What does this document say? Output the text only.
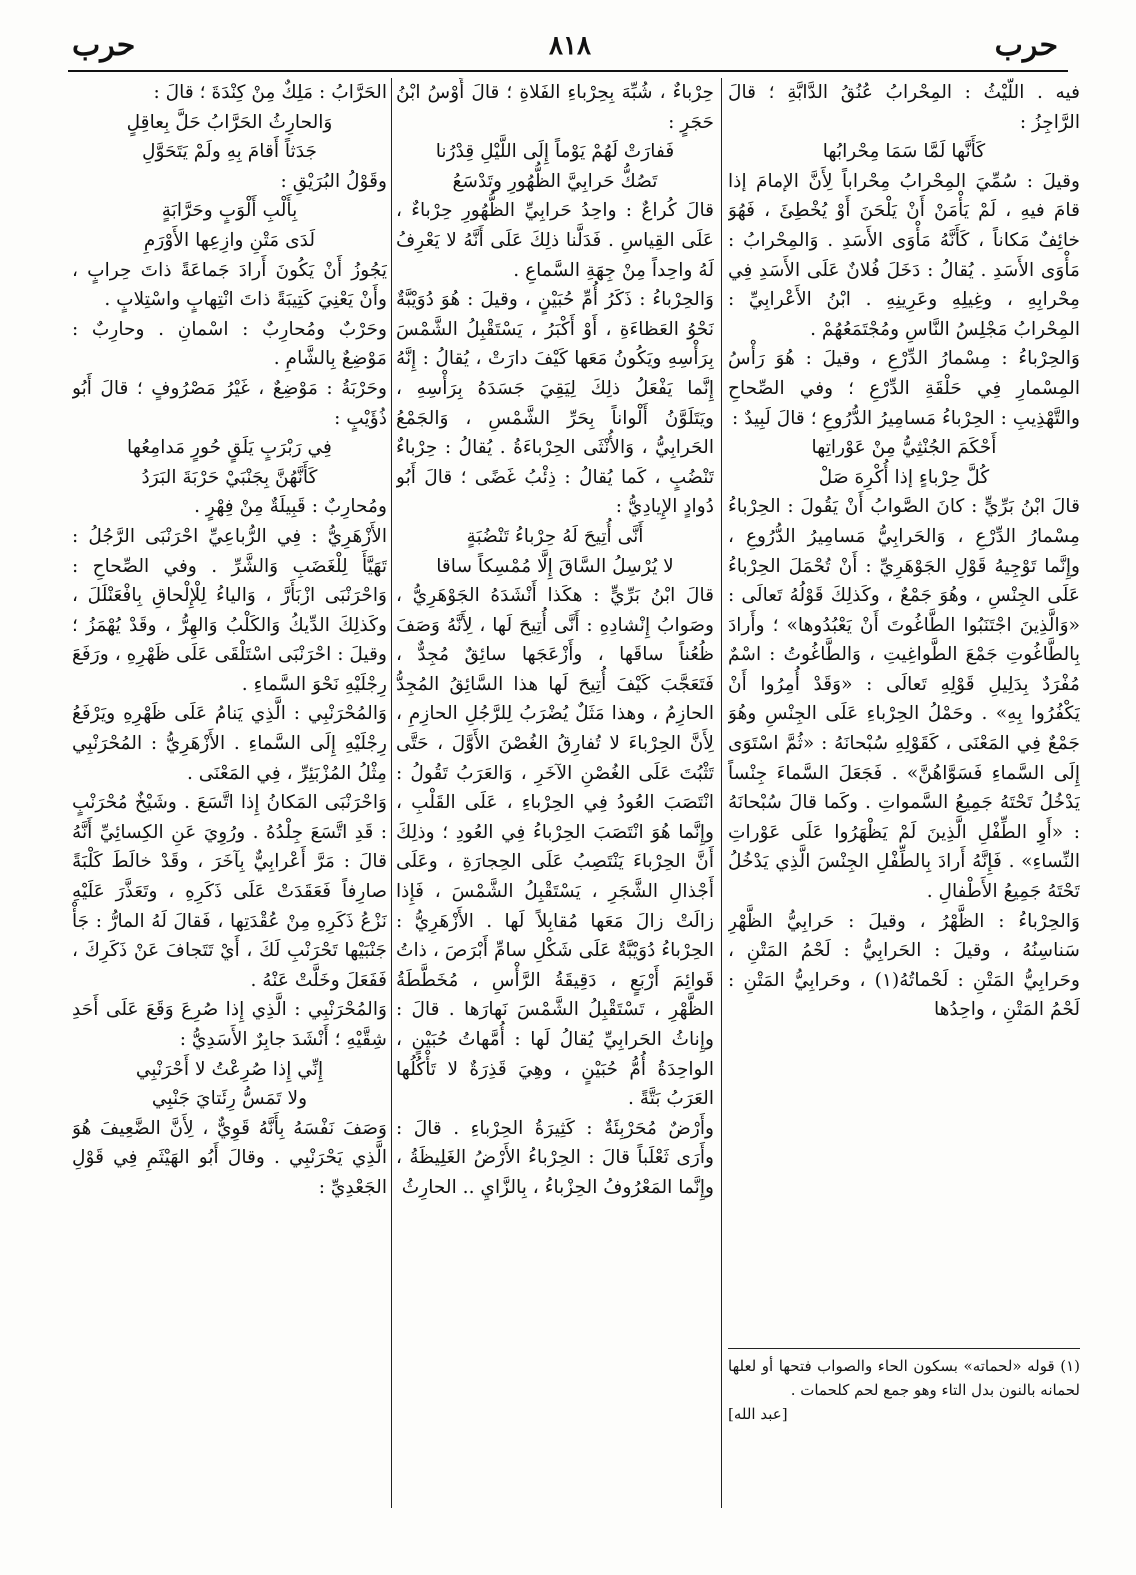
حرب
٨١٨
حرب

فيه . اللَّيْثُ : المِحْرابُ عُنُقُ الدَّابَّةِ ؛ قالَ الرَّاجِزُ :

كَأَنَّها لَمَّا سَمَا مِحْرابُها

وقيلَ : سُمِّيَ المِحْرابُ مِحْراباً لِأَنَّ الإمامَ إذا قامَ فيهِ ، لَمْ يَأْمَنْ أَنْ يَلْحَنَ أَوْ يُخْطِئَ ، فَهُوَ خائِفٌ مَكاناً ، كَأَنَّهُ مَأْوَى الأَسَدِ . وَالمِحْرابُ : مَأْوَى الأَسَدِ . يُقالُ : دَخَلَ فُلانٌ عَلَى الأَسَدِ فِي مِحْرابِهِ ، وغِيلِهِ وعَرِينِهِ . ابْنُ الأَعْرابِيِّ : المِحْرابُ مَجْلِسُ النَّاسِ ومُجْتَمَعُهُمْ .

وَالحِرْباءُ : مِسْمارُ الدِّرْعِ ، وقيلَ : هُوَ رَأْسُ المِسْمارِ فِي حَلْقَةِ الدِّرْعِ ؛ وفي الصِّحاحِ والتَّهْذِيبِ : الحِرْباءُ مَسامِيرُ الدُّرُوعِ ؛ قالَ لَبِيدٌ :

أَحْكَمَ الجُنْثِيُّ مِنْ عَوْراتِها

كُلَّ حِرْباءٍ إذا أُكْرِهَ صَلْ

قالَ ابْنُ بَرِّيٍّ : كانَ الصَّوابُ أَنْ يَقُولَ : الحِرْباءُ مِسْمارُ الدِّرْعِ ، وَالحَرابِيُّ مَسامِيرُ الدُّرُوعِ ، وإِنَّما تَوْجِيهُ قَوْلِ الجَوْهَرِيِّ : أَنْ تُحْمَلَ الحِرْباءُ عَلَى الجِنْسِ ، وهُوَ جَمْعٌ ، وكَذلِكَ قَوْلُهُ تَعالَى : «وَالَّذِينَ اجْتَنَبُوا الطَّاغُوتَ أَنْ يَعْبُدُوها» ؛ وأَرادَ بِالطَّاغُوتِ جَمْعَ الطَّواغِيتِ ، وَالطَّاغُوتُ : اسْمٌ مُفْرَدٌ بِدَلِيلِ قَوْلِهِ تَعالَى : «وَقَدْ أُمِرُوا أَنْ يَكْفُرُوا بِهِ» . وحَمْلُ الحِرْباءِ عَلَى الجِنْسِ وهُوَ جَمْعٌ فِي المَعْنَى ، كَقَوْلِهِ سُبْحانَهُ : «ثُمَّ اسْتَوَى إِلَى السَّماءِ فَسَوَّاهُنَّ» . فَجَعَلَ السَّماءَ جِنْساً يَدْخُلُ تَحْتَهُ جَمِيعُ السَّمواتِ . وكَما قالَ سُبْحانَهُ : «أَوِ الطِّفْلِ الَّذِينَ لَمْ يَظْهَرُوا عَلَى عَوْراتِ النِّساءِ» . فَإِنَّهُ أَرادَ بِالطِّفْلِ الجِنْسَ الَّذِي يَدْخُلُ تَحْتَهُ جَمِيعُ الأَطْفالِ .

وَالحِرْباءُ : الظَّهْرُ ، وقيلَ : حَرابِيُّ الظَّهْرِ سَناسِنُهُ ، وقيلَ : الحَرابِيُّ : لَحْمُ المَتْنِ ، وحَرابِيُّ المَتْنِ : لَحْماتُهُ(١) ، وحَرابِيُّ المَتْنِ : لَحْمُ المَتْنِ ، واحِدُها

حِرْباءٌ ، شُبِّهَ بِحِرْباءِ الفَلاةِ ؛ قالَ أَوْسُ ابْنُ حَجَرٍ :

فَفارَتْ لَهُمْ يَوْماً إِلَى اللَّيْلِ قِدْرُنا

تَصُكُّ حَرابِيَّ الظُّهُورِ وتَدْسَعُ

قالَ كُراعٌ : واحِدُ حَرابِيِّ الظُّهُورِ حِرْباءٌ ، عَلَى القِياسِ . فَدَلَّنا ذلِكَ عَلَى أَنَّهُ لا يَعْرِفُ لَهُ واحِداً مِنْ جِهَةِ السَّماعِ .

وَالحِرْباءُ : ذَكَرُ أُمِّ حُبَيْنٍ ، وقيلَ : هُوَ دُوَيْبَّةٌ نَحْوُ العَظاءَةِ ، أَوْ أَكْبَرُ ، يَسْتَقْبِلُ الشَّمْسَ بِرَأْسِهِ ويَكُونُ مَعَها كَيْفَ دارَتْ ، يُقالُ : إِنَّهُ إِنَّما يَفْعَلُ ذلِكَ لِيَقِيَ جَسَدَهُ بِرَأْسِهِ ، ويَتَلَوَّنُ أَلْواناً بِحَرِّ الشَّمْسِ ، وَالجَمْعُ الحَرابِيُّ ، وَالأُنْثَى الحِرْباءَةُ . يُقالُ : حِرْباءٌ تَنْضُبٍ ، كَما يُقالُ : ذِئْبُ غَضًى ؛ قالَ أَبُو دُوادٍ الإِيادِيُّ :

أَنَّى أُتِيحَ لَهُ حِرْباءُ تَنْضُبَةٍ

لا يُرْسِلُ السَّاقَ إِلَّا مُمْسِكاً ساقا

قالَ ابْنُ بَرِّيٍّ : هكَذا أَنْشَدَهُ الجَوْهَرِيُّ ، وصَوابُ إِنْشادِهِ : أَنَّى أُتِيحَ لَها ، لِأَنَّهُ وَصَفَ ظُعُناً ساقَها ، وأَزْعَجَها سائِقٌ مُجِدٌّ ، فَتَعَجَّبَ كَيْفَ أُتِيحَ لَها هذا السَّائِقُ المُجِدُّ الحازِمُ ، وهذا مَثَلٌ يُضْرَبُ لِلرَّجُلِ الحازِمِ ، لِأَنَّ الحِرْباءَ لا تُفارِقُ الغُصْنَ الأَوَّلَ ، حَتَّى تَثْبُتَ عَلَى الغُصْنِ الآخَرِ ، وَالعَرَبُ تَقُولُ : انْتَصَبَ العُودُ فِي الحِرْباءِ ، عَلَى القَلْبِ ، وإِنَّما هُوَ انْتَصَبَ الحِرْباءُ فِي العُودِ ؛ وذلِكَ أَنَّ الحِرْباءَ يَنْتَصِبُ عَلَى الحِجارَةِ ، وعَلَى أَجْذالِ الشَّجَرِ ، يَسْتَقْبِلُ الشَّمْسَ ، فَإِذا زالَتْ زالَ مَعَها مُقابِلاً لَها . الأَزْهَرِيُّ : الحِرْباءُ دُوَيْبَّةٌ عَلَى شَكْلِ سامِّ أَبْرَصَ ، ذاتُ قَوائِمَ أَرْبَعٍ ، دَقِيقَةُ الرَّأْسِ ، مُخَطَّطَةُ الظَّهْرِ ، تَسْتَقْبِلُ الشَّمْسَ نَهارَها . قالَ : وإِناثُ الحَرابِيِّ يُقالُ لَها : أُمَّهاتُ حُبَيْنٍ ، الواحِدَةُ أُمُّ حُبَيْنٍ ، وهِيَ قَذِرَةٌ لا تَأْكُلُها العَرَبُ بَتَّةً .

وأَرْضٌ مُحَرْبِئَةٌ : كَثِيرَةُ الحِرْباءِ . قالَ : وأَرَى ثَعْلَباً قالَ : الحِرْباءُ الأَرْضُ الغَلِيظَةُ ، وإِنَّما المَعْرُوفُ الحِزْباءُ ، بِالزَّايِ .. الحارِثُ

الحَرَّابُ : مَلِكٌ مِنْ كِنْدَةَ ؛ قالَ :

وَالحارِثُ الحَرَّابُ حَلَّ بِعاقِلٍ

جَدَثاً أَقامَ بِهِ ولَمْ يَتَحَوَّلِ

وقَوْلُ البُرَيْقِ :

بِأَلْبِ أَلْوَبٍ وحَرَّابَةٍ

لَدَى مَتْنِ وازِعِها الأَوْرَمِ

يَجُوزُ أَنْ يَكُونَ أَرادَ جَماعَةً ذاتَ حِرابٍ ، وأَنْ يَعْنِيَ كَتِيبَةً ذاتَ انْتِهابٍ واسْتِلابٍ .

وحَرْبٌ ومُحارِبٌ : اسْمانِ . وحارِبٌ : مَوْضِعٌ بِالشَّامِ .

وحَرْبَةُ : مَوْضِعٌ ، غَيْرُ مَصْرُوفٍ ؛ قالَ أَبُو ذُؤَيْبٍ :

فِي رَبْرَبٍ يَلَقٍ حُورٍ مَدامِعُها

كَأَنَّهُنَّ بِجَنْبَيْ حَرْبَةَ البَرَدُ

ومُحارِبٌ : قَبِيلَةٌ مِنْ فِهْرٍ .

الأَزْهَرِيُّ : فِي الرُّباعِيِّ احْرَنْبَى الرَّجُلُ : تَهَيَّأَ لِلْغَضَبِ وَالشَّرِّ . وفي الصِّحاحِ : وَاحْرَنْبَى ازْبَأَرَّ ، وَالياءُ لِلْإِلْحاقِ بِافْعَنْلَلَ ، وكَذلِكَ الدِّيكُ وَالكَلْبُ وَالهِرُّ ، وقَدْ يُهْمَزُ ؛ وقيلَ : احْرَنْبَى اسْتَلْقَى عَلَى ظَهْرِهِ ، ورَفَعَ رِجْلَيْهِ نَحْوَ السَّماءِ .

وَالمُحْرَنْبِي : الَّذِي يَنامُ عَلَى ظَهْرِهِ ويَرْفَعُ رِجْلَيْهِ إِلَى السَّماءِ . الأَزْهَرِيُّ : المُحْرَنْبِي مِثْلُ المُزْبَئِرِّ ، فِي المَعْنَى .

وَاحْرَنْبَى المَكانُ إِذا اتَّسَعَ . وشَيْخٌ مُحْرَنْبٍ : قَدِ اتَّسَعَ جِلْدُهُ . ورُوِيَ عَنِ الكِسائِيِّ أَنَّهُ قالَ : مَرَّ أَعْرابِيٌّ بِآخَرَ ، وقَدْ خالَطَ كَلْبَةً صارِفاً فَعَقَدَتْ عَلَى ذَكَرِهِ ، وتَعَذَّرَ عَلَيْهِ نَزْعُ ذَكَرِهِ مِنْ عُقْدَتِها ، فَقالَ لَهُ المارُّ : جَأْ جَنْبَيْها تَحْرَنْبِ لَكَ ، أَيْ تَتَجافَ عَنْ ذَكَرِكَ ، فَفَعَلَ وخَلَّتْ عَنْهُ .

وَالمُحْرَنْبِي : الَّذِي إِذا صُرِعَ وَقَعَ عَلَى أَحَدِ شِقَّيْهِ ؛ أَنْشَدَ جابِرٌ الأَسَدِيُّ :

إِنِّي إِذا صُرِعْتُ لا أَحْرَنْبِي

ولا تَمَسُّ رِئَتايَ جَنْبِي

وَصَفَ نَفْسَهُ بِأَنَّهُ قَوِيٌّ ، لِأَنَّ الضَّعِيفَ هُوَ الَّذِي يَحْرَنْبِي . وقالَ أَبُو الهَيْثَمِ فِي قَوْلِ الجَعْدِيِّ :

(١) قوله «لحماته» بسكون الحاء والصواب فتحها أو لعلها لحمانه بالنون بدل التاء وهو جمع لحم كلحمات .

[عبد الله]
